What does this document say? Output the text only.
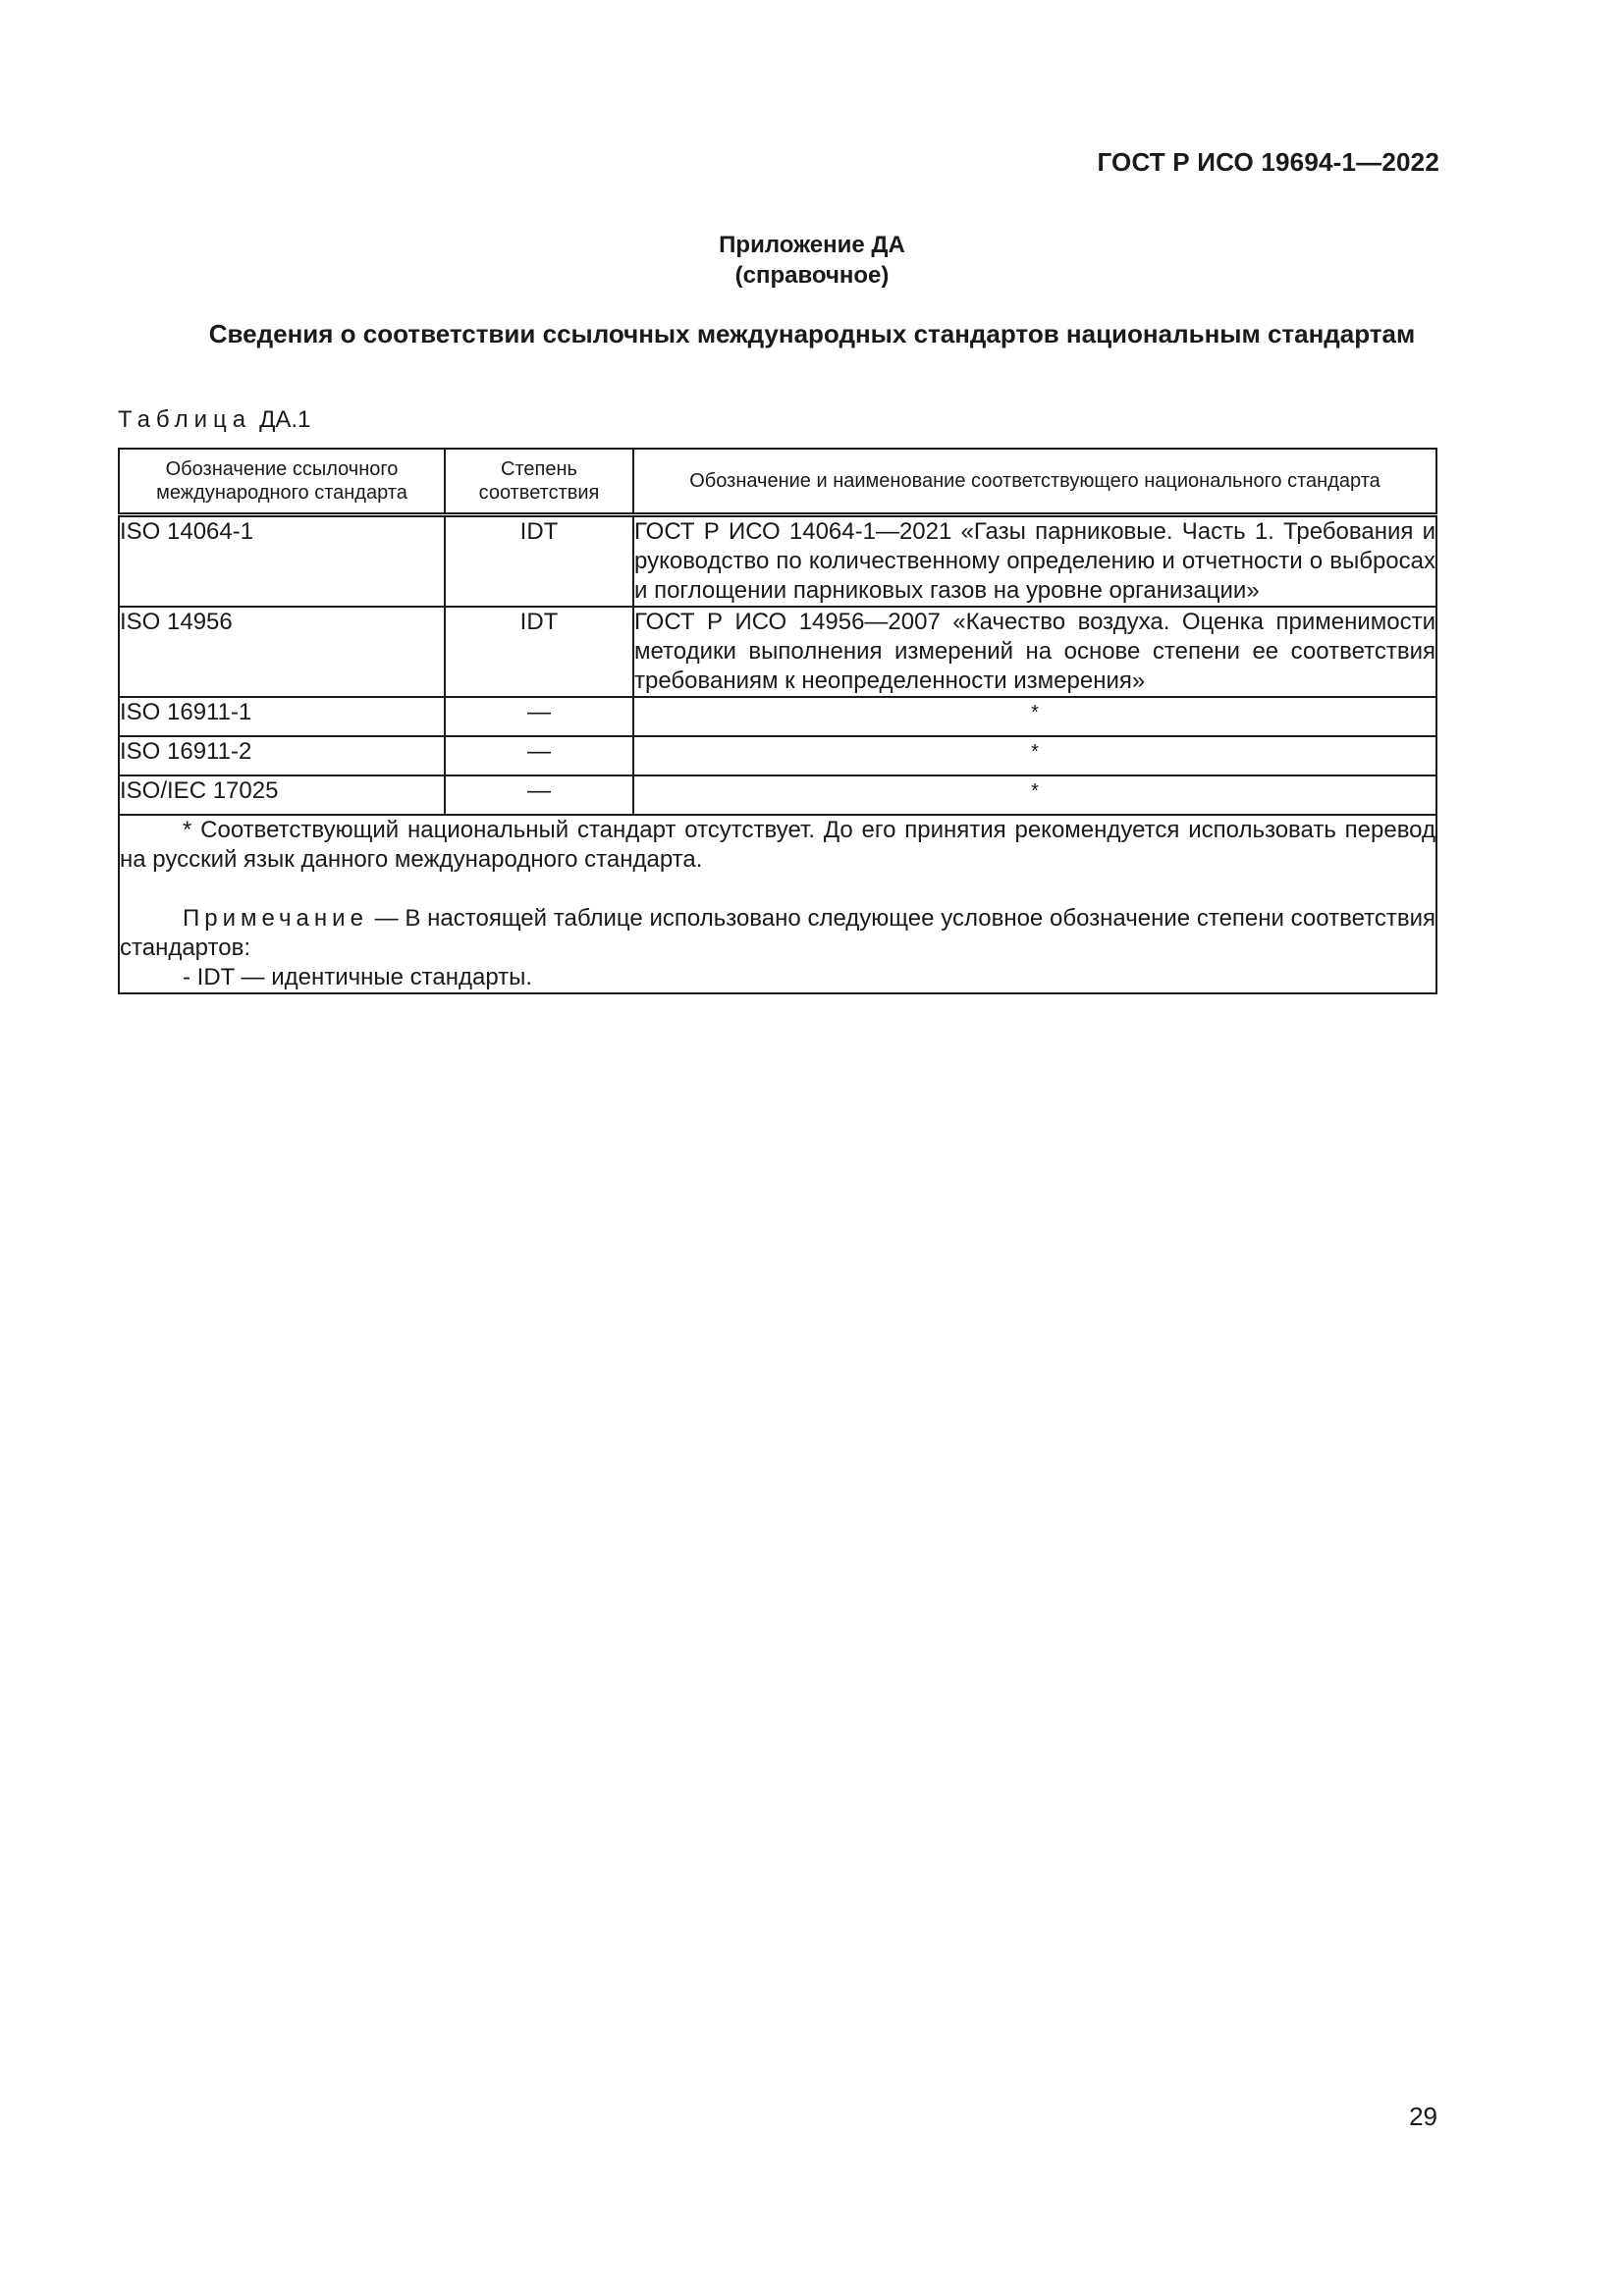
ГОСТ Р ИСО 19694-1—2022
Приложение ДА
(справочное)
Сведения о соответствии ссылочных международных стандартов национальным стандартам
Таблица ДА.1
Обозначение ссылочного международного стандарта	Степень соответствия	Обозначение и наименование соответствующего национального стандарта
ISO 14064-1	IDT	ГОСТ Р ИСО 14064-1—2021 «Газы парниковые. Часть 1. Требования и руководство по количественному определению и отчетности о выбросах и поглощении парниковых газов на уровне организации»
ISO 14956	IDT	ГОСТ Р ИСО 14956—2007 «Качество воздуха. Оценка применимости методики выполнения измерений на основе степени ее соответствия требованиям к неопределенности измерения»
ISO 16911-1	—	*
ISO 16911-2	—	*
ISO/IEC 17025	—	*

* Соответствующий национальный стандарт отсутствует. До его принятия рекомендуется использовать перевод на русский язык данного международного стандарта.

Примечание — В настоящей таблице использовано следующее условное обозначение степени соответствия стандартов:

- IDT — идентичные стандарты.		

29
